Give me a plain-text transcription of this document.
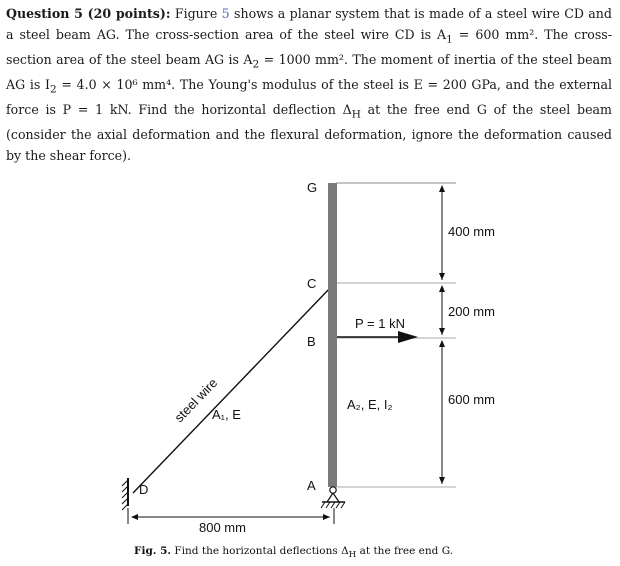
Question 5 (20 points): Figure 5 shows a planar system that is made of a steel wire CD and a steel beam AG. The cross-section area of the steel wire CD is $A_1 = 600$ mm². The cross-section area of the steel beam AG is $A_2 = 1000$ mm². The moment of inertia of the steel beam AG is $I_2 = 4.0 \times 10^6$ mm⁴. The Young's modulus of the steel is E = 200 GPa, and the external force is P = 1 kN. Find the horizontal deflection $\Delta_H$ at the free end G of the steel beam (consider the axial deformation and the flexural deformation, ignore the deformation caused by the shear force).
G
C
B
A
D
steel wire
A₁, E
A₂, E, I₂
P = 1 kN
400 mm
200 mm
600 mm
800 mm
Fig. 5. Find the horizontal deflections $\Delta_H$ at the free end G.
